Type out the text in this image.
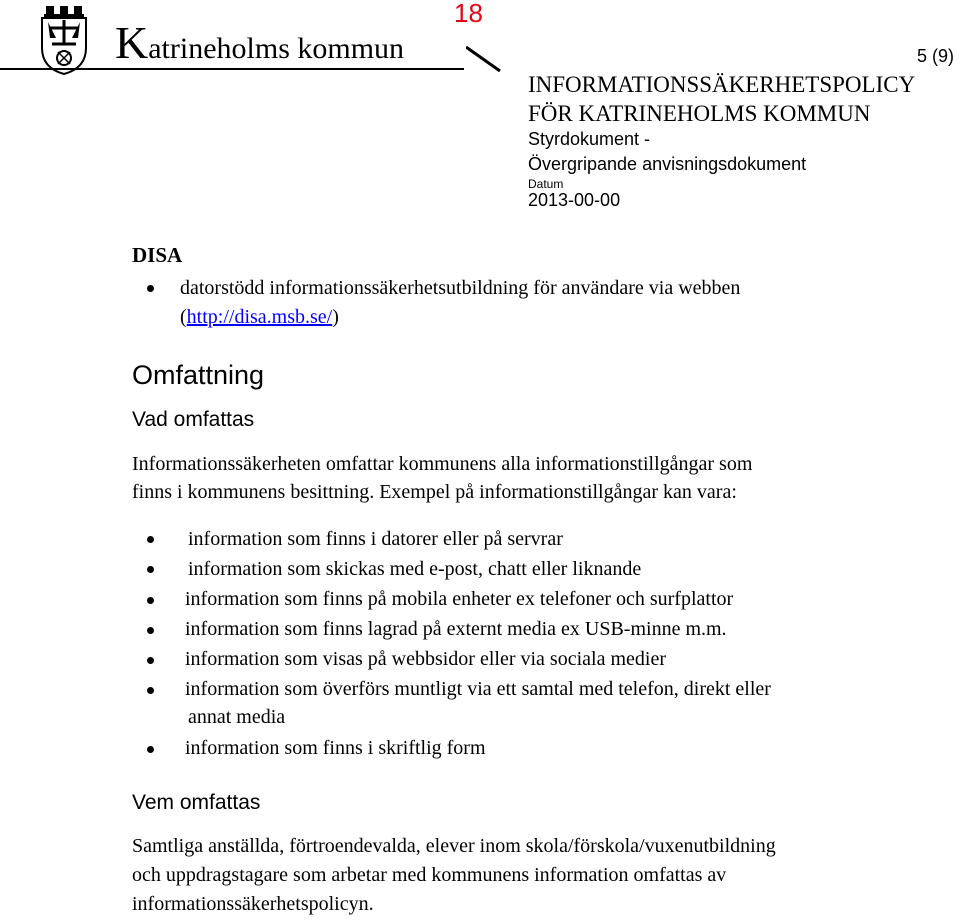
18
Katrineholms kommun	5 (9)
INFORMATIONSSÄKERHETSPOLICY
FÖR KATRINEHOLMS KOMMUN
Styrdokument -
Övergripande anvisningsdokument
Datum
2013-00-00
DISA
datorstödd informationssäkerhetsutbildning för användare via webben
(http://disa.msb.se/)
Omfattning
Vad omfattas
Informationssäkerheten omfattar kommunens alla informationstillgångar som
finns i kommunens besittning. Exempel på informationstillgångar kan vara:
information som finns i datorer eller på servrar
information som skickas med e-post, chatt eller liknande
information som finns på mobila enheter ex telefoner och surfplattor
information som finns lagrad på externt media ex USB-minne m.m.
information som visas på webbsidor eller via sociala medier
information som överförs muntligt via ett samtal med telefon, direkt eller
annat media
information som finns i skriftlig form
Vem omfattas
Samtliga anställda, förtroendevalda, elever inom skola/förskola/vuxenutbildning
och uppdragstagare som arbetar med kommunens information omfattas av
informationssäkerhetspolicyn.
